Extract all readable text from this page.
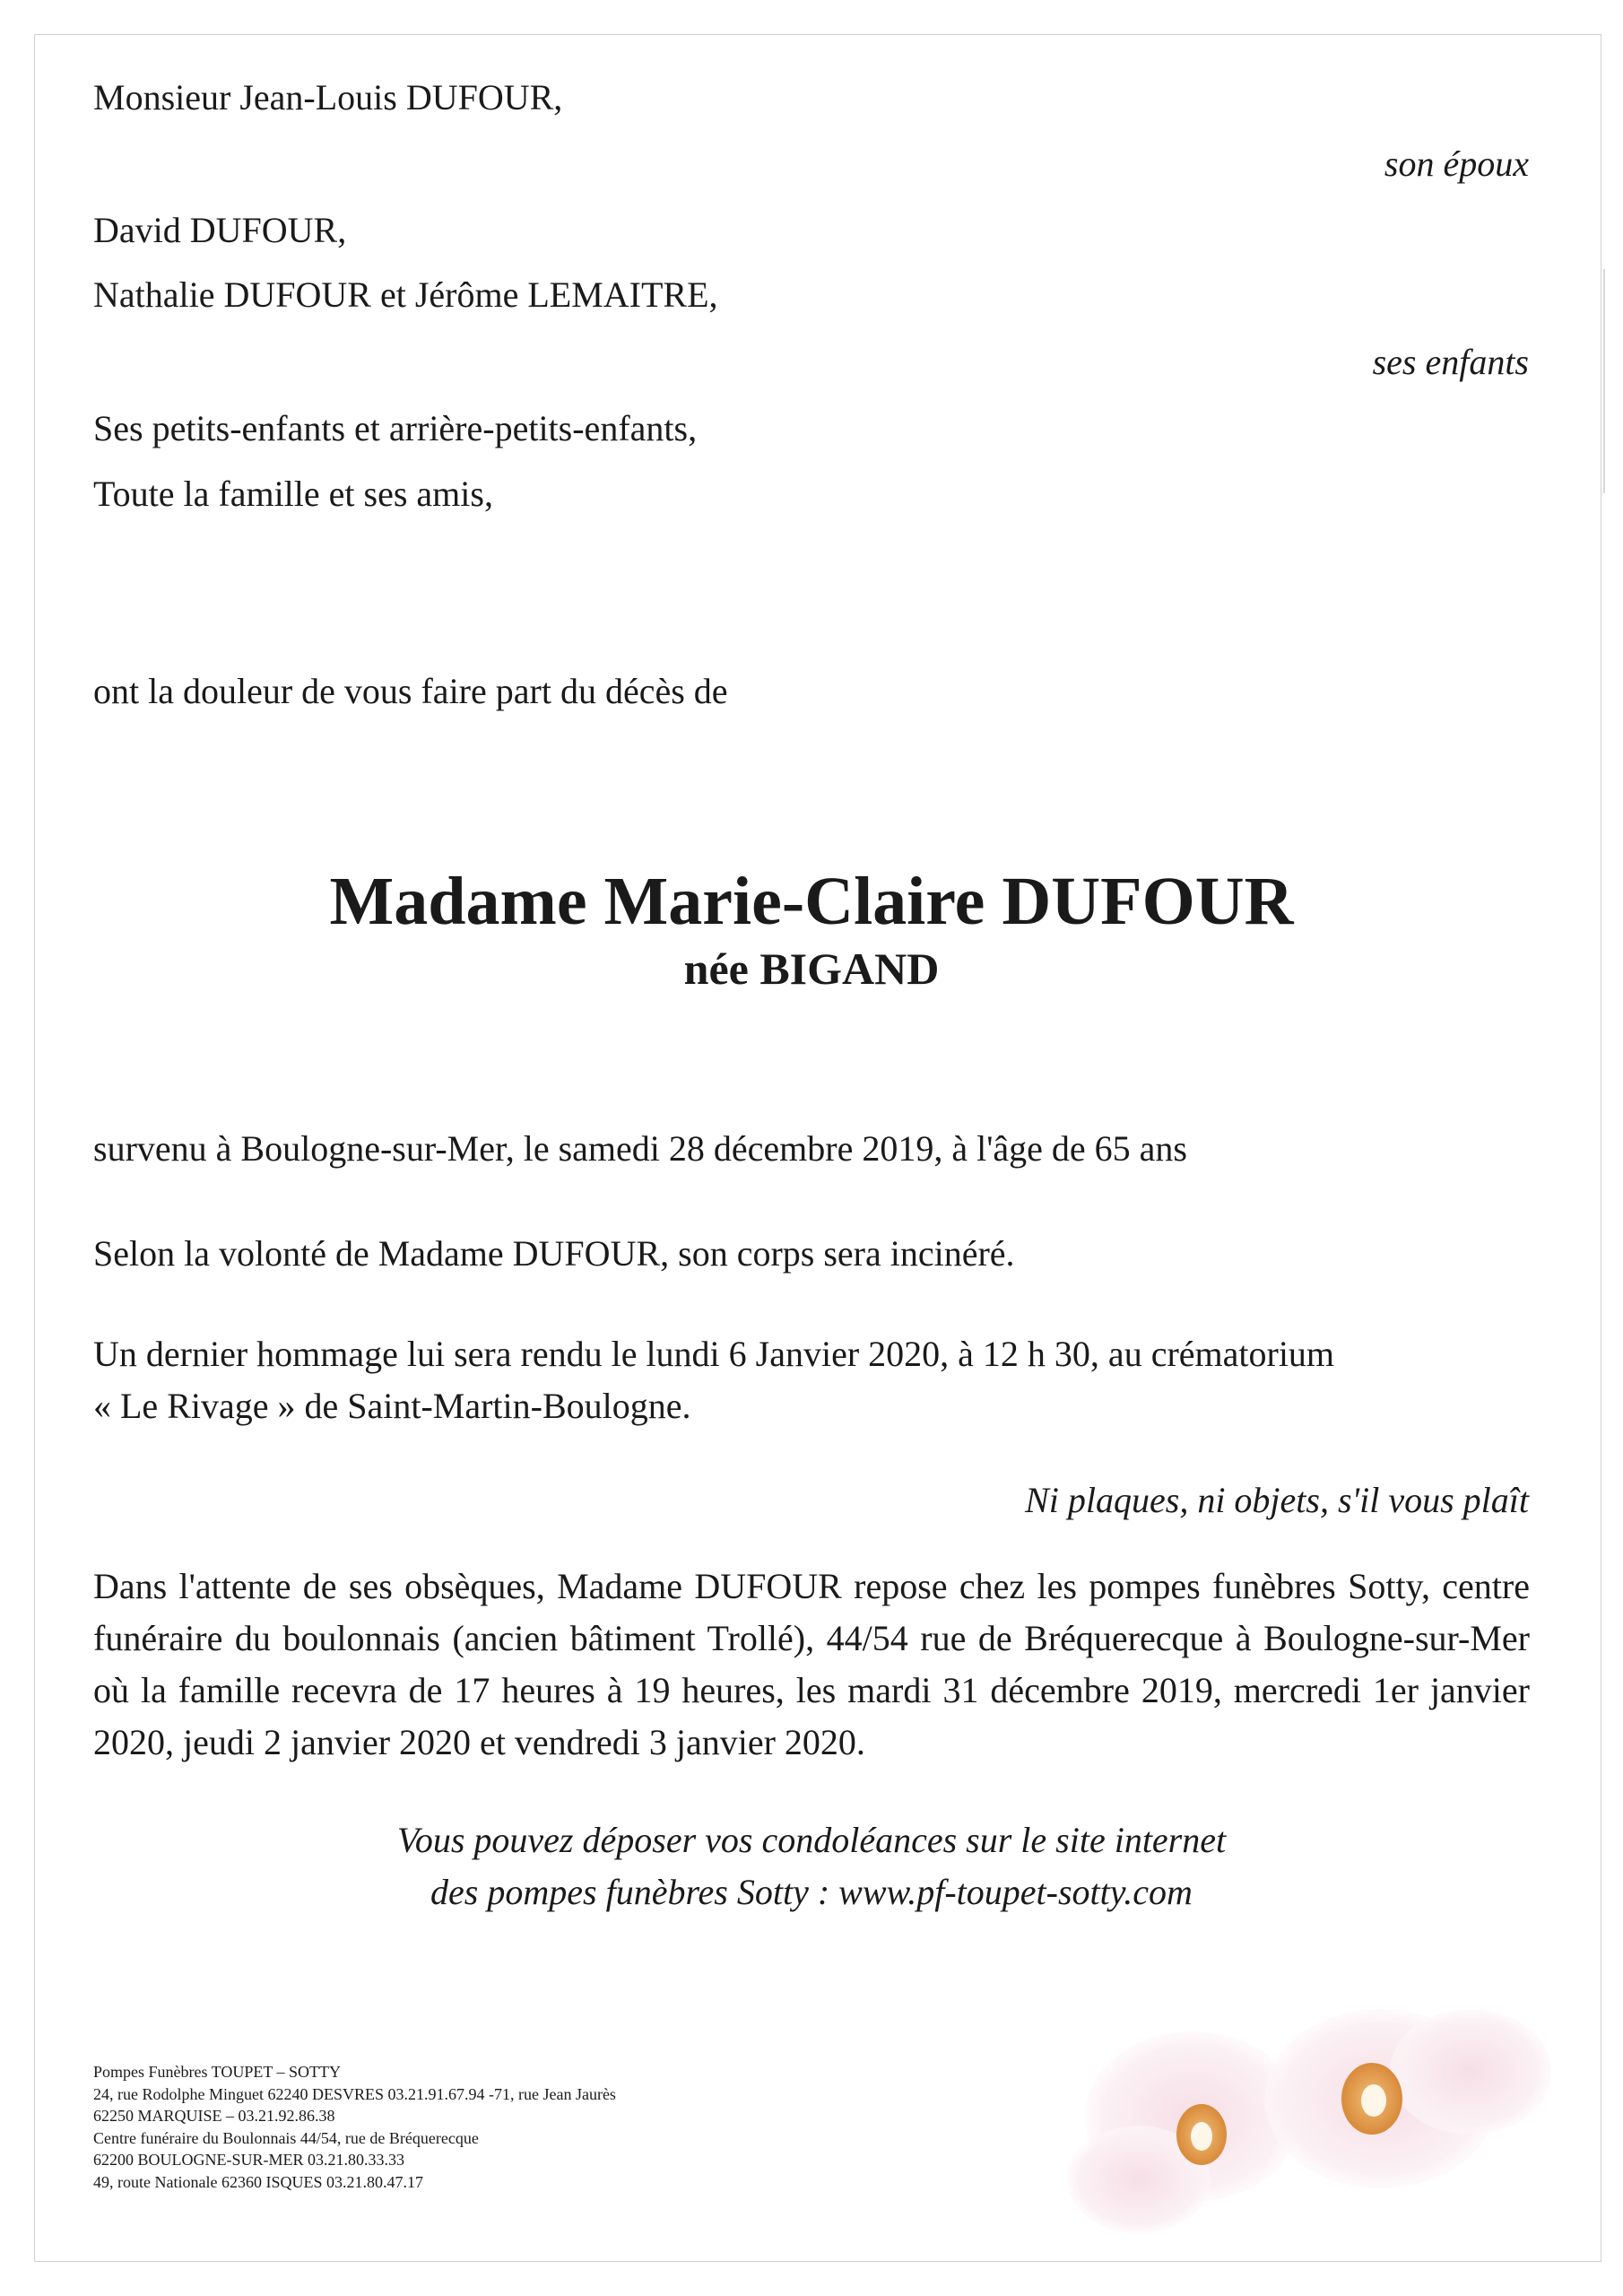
Monsieur Jean-Louis DUFOUR,
son époux
David DUFOUR,
Nathalie DUFOUR et Jérôme LEMAITRE,
ses enfants
Ses petits-enfants et arrière-petits-enfants,
Toute la famille et ses amis,
ont la douleur de vous faire part du décès de
Madame Marie-Claire DUFOUR
née BIGAND
survenu à Boulogne-sur-Mer, le samedi 28 décembre 2019, à l'âge de 65 ans
Selon la volonté de Madame DUFOUR, son corps sera incinéré.
Un dernier hommage lui sera rendu le lundi 6 Janvier 2020, à 12 h 30, au crématorium
« Le Rivage » de Saint-Martin-Boulogne.
Ni plaques, ni objets, s'il vous plaît
Dans l'attente de ses obsèques, Madame DUFOUR repose chez les pompes funèbres Sotty, centre funéraire du boulonnais (ancien bâtiment Trollé), 44/54 rue de Bréquerecque à Boulogne-sur-Mer où la famille recevra de 17 heures à 19 heures, les mardi 31 décembre 2019, mercredi 1er janvier 2020, jeudi 2 janvier 2020 et vendredi 3 janvier 2020.
Vous pouvez déposer vos condoléances sur le site internet
des pompes funèbres Sotty : www.pf-toupet-sotty.com
Pompes Funèbres TOUPET – SOTTY
24, rue Rodolphe Minguet 62240 DESVRES 03.21.91.67.94 -71, rue Jean Jaurès
62250 MARQUISE – 03.21.92.86.38
Centre funéraire du Boulonnais 44/54, rue de Bréquerecque
62200 BOULOGNE-SUR-MER 03.21.80.33.33
49, route Nationale 62360 ISQUES 03.21.80.47.17
